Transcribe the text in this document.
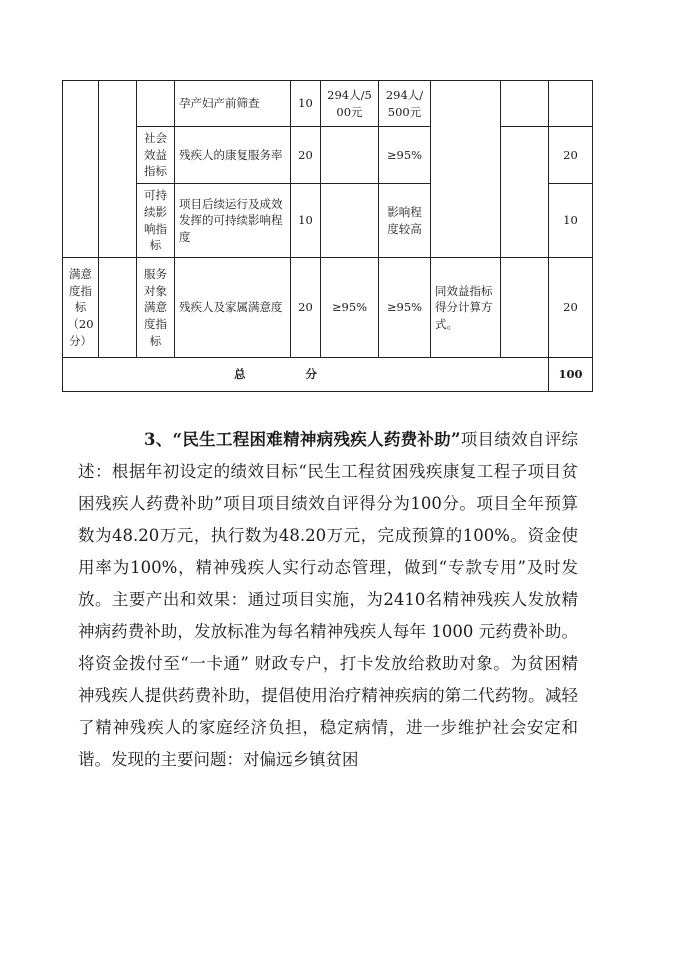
			孕产妇产前筛查	10	294人/500元	294人/500元			
		社会效益指标	残疾人的康复服务率	20		≥95%			20
		可持续影响指标	项目后续运行及成效发挥的可持续影响程度	10		影响程度较高			10
满意度指标（20分）		服务对象满意度指标	残疾人及家属满意度	20	≥95%	≥95%	同效益指标得分计算方式。		20
总分									100
3、“民生工程困难精神病残疾人药费补助”项目绩效自评综述：根据年初设定的绩效目标“民生工程贫困残疾康复工程子项目贫困残疾人药费补助”项目项目绩效自评得分为100分。项目全年预算数为48.20万元，执行数为48.20万元，完成预算的100%。资金使用率为100%，精神残疾人实行动态管理，做到“专款专用”及时发放。主要产出和效果：通过项目实施，为2410名精神残疾人发放精神病药费补助，发放标准为每名精神残疾人每年 1000 元药费补助。将资金拨付至“一卡通” 财政专户，打卡发放给救助对象。为贫困精神残疾人提供药费补助，提倡使用治疗精神疾病的第二代药物。减轻了精神残疾人的家庭经济负担，稳定病情，进一步维护社会安定和谐。发现的主要问题：对偏远乡镇贫困
